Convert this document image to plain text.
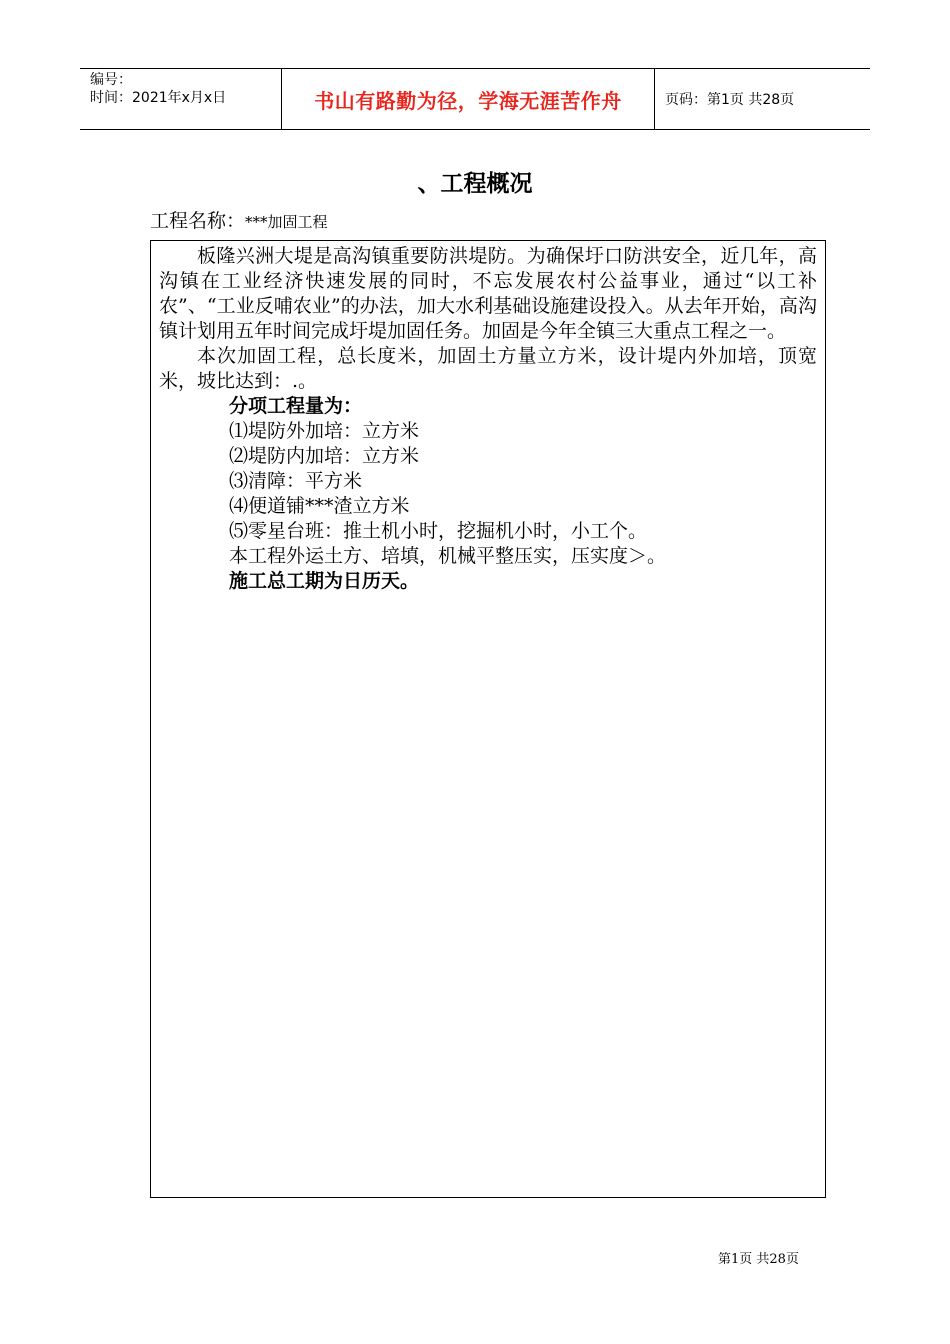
编号：
时间：2021年x月x日	书山有路勤为径，学海无涯苦作舟	页码：第1页 共28页
、工程概况
工程名称：***加固工程

板隆兴洲大堤是高沟镇重要防洪堤防。为确保圩口防洪安全，近几年，高沟镇在工业经济快速发展的同时，不忘发展农村公益事业，通过“以工补农”、“工业反哺农业”的办法，加大水利基础设施建设投入。从去年开始，高沟镇计划用五年时间完成圩堤加固任务。加固是今年全镇三大重点工程之一。

本次加固工程，总长度米，加固土方量立方米，设计堤内外加培，顶宽米，坡比达到：.。

分项工程量为：

⑴堤防外加培：立方米

⑵堤防内加培：立方米

⑶清障：平方米

⑷便道铺***渣立方米

⑸零星台班：推土机小时，挖掘机小时，小工个。

本工程外运土方、培填，机械平整压实，压实度＞。

施工总工期为日历天。

第1页 共28页
